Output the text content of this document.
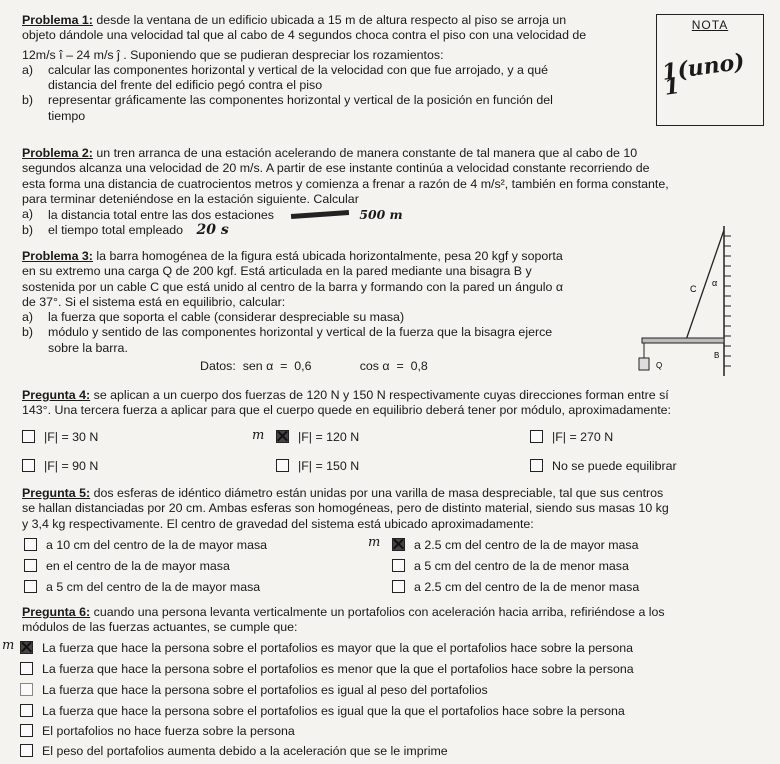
NOTA
1(uno) 1
Problema 1: desde la ventana de un edificio ubicada a 15 m de altura respecto al piso se arroja un
objeto dándole una velocidad tal que al cabo de 4 segundos choca contra el piso con una velocidad de
12m/s î – 24 m/s ĵ . Suponiendo que se pudieran despreciar los rozamientos:
a) calcular las componentes horizontal y vertical de la velocidad con que fue arrojado, y a qué
distancia del frente del edificio pegó contra el piso
b) representar gráficamente las componentes horizontal y vertical de la posición en función del
tiempo
Problema 2: un tren arranca de una estación acelerando de manera constante de tal manera que al cabo de 10
segundos alcanza una velocidad de 20 m/s. A partir de ese instante continúa a velocidad constante recorriendo de
esta forma una distancia de cuatrocientos metros y comienza a frenar a razón de 4 m/s², también en forma constante,
para terminar deteniéndose en la estación siguiente. Calcular
a) la distancia total entre las dos estaciones	500 m
b) el tiempo total empleado 20 s
Problema 3: la barra homogénea de la figura está ubicada horizontalmente, pesa 20 kgf y soporta
en su extremo una carga Q de 200 kgf. Está articulada en la pared mediante una bisagra B y
sostenida por un cable C que está unido al centro de la barra y formando con la pared un ángulo α
de 37°. Si el sistema está en equilibrio, calcular:
a) la fuerza que soporta el cable (considerar despreciable su masa)
b) módulo y sentido de las componentes horizontal y vertical de la fuerza que la bisagra ejerce
sobre la barra.
Datos:  sen α  =  0,6              cos α  =  0,8
C
α
B
Q
Pregunta 4: se aplican a un cuerpo dos fuerzas de 120 N y 150 N respectivamente cuyas direcciones forman entre sí
143°. Una tercera fuerza a aplicar para que el cuerpo quede en equilibrio deberá tener por módulo, aproximadamente:
|F| = 30 N	m	|F| = 120 N	|F| = 270 N
|F| = 90 N	|F| = 150 N	No se puede equilibrar
Pregunta 5: dos esferas de idéntico diámetro están unidas por una varilla de masa despreciable, tal que sus centros
se hallan distanciadas por 20 cm. Ambas esferas son homogéneas, pero de distinto material, siendo sus masas 10 kg
y 3,4 kg respectivamente. El centro de gravedad del sistema está ubicado aproximadamente:
a 10 cm del centro de la de mayor masa	m	a 2.5 cm del centro de la de mayor masa
en el centro de la de mayor masa	a 5 cm del centro de la de menor masa
a 5 cm del centro de la de mayor masa	a 2.5 cm del centro de la de menor masa
Pregunta 6: cuando una persona levanta verticalmente un portafolios con aceleración hacia arriba, refiriéndose a los
módulos de las fuerzas actuantes, se cumple que:
m	La fuerza que hace la persona sobre el portafolios es mayor que la que el portafolios hace sobre la persona
La fuerza que hace la persona sobre el portafolios es menor que la que el portafolios hace sobre la persona
La fuerza que hace la persona sobre el portafolios es igual al peso del portafolios
La fuerza que hace la persona sobre el portafolios es igual que la que el portafolios hace sobre la persona
El portafolios no hace fuerza sobre la persona
El peso del portafolios aumenta debido a la aceleración que se le imprime
